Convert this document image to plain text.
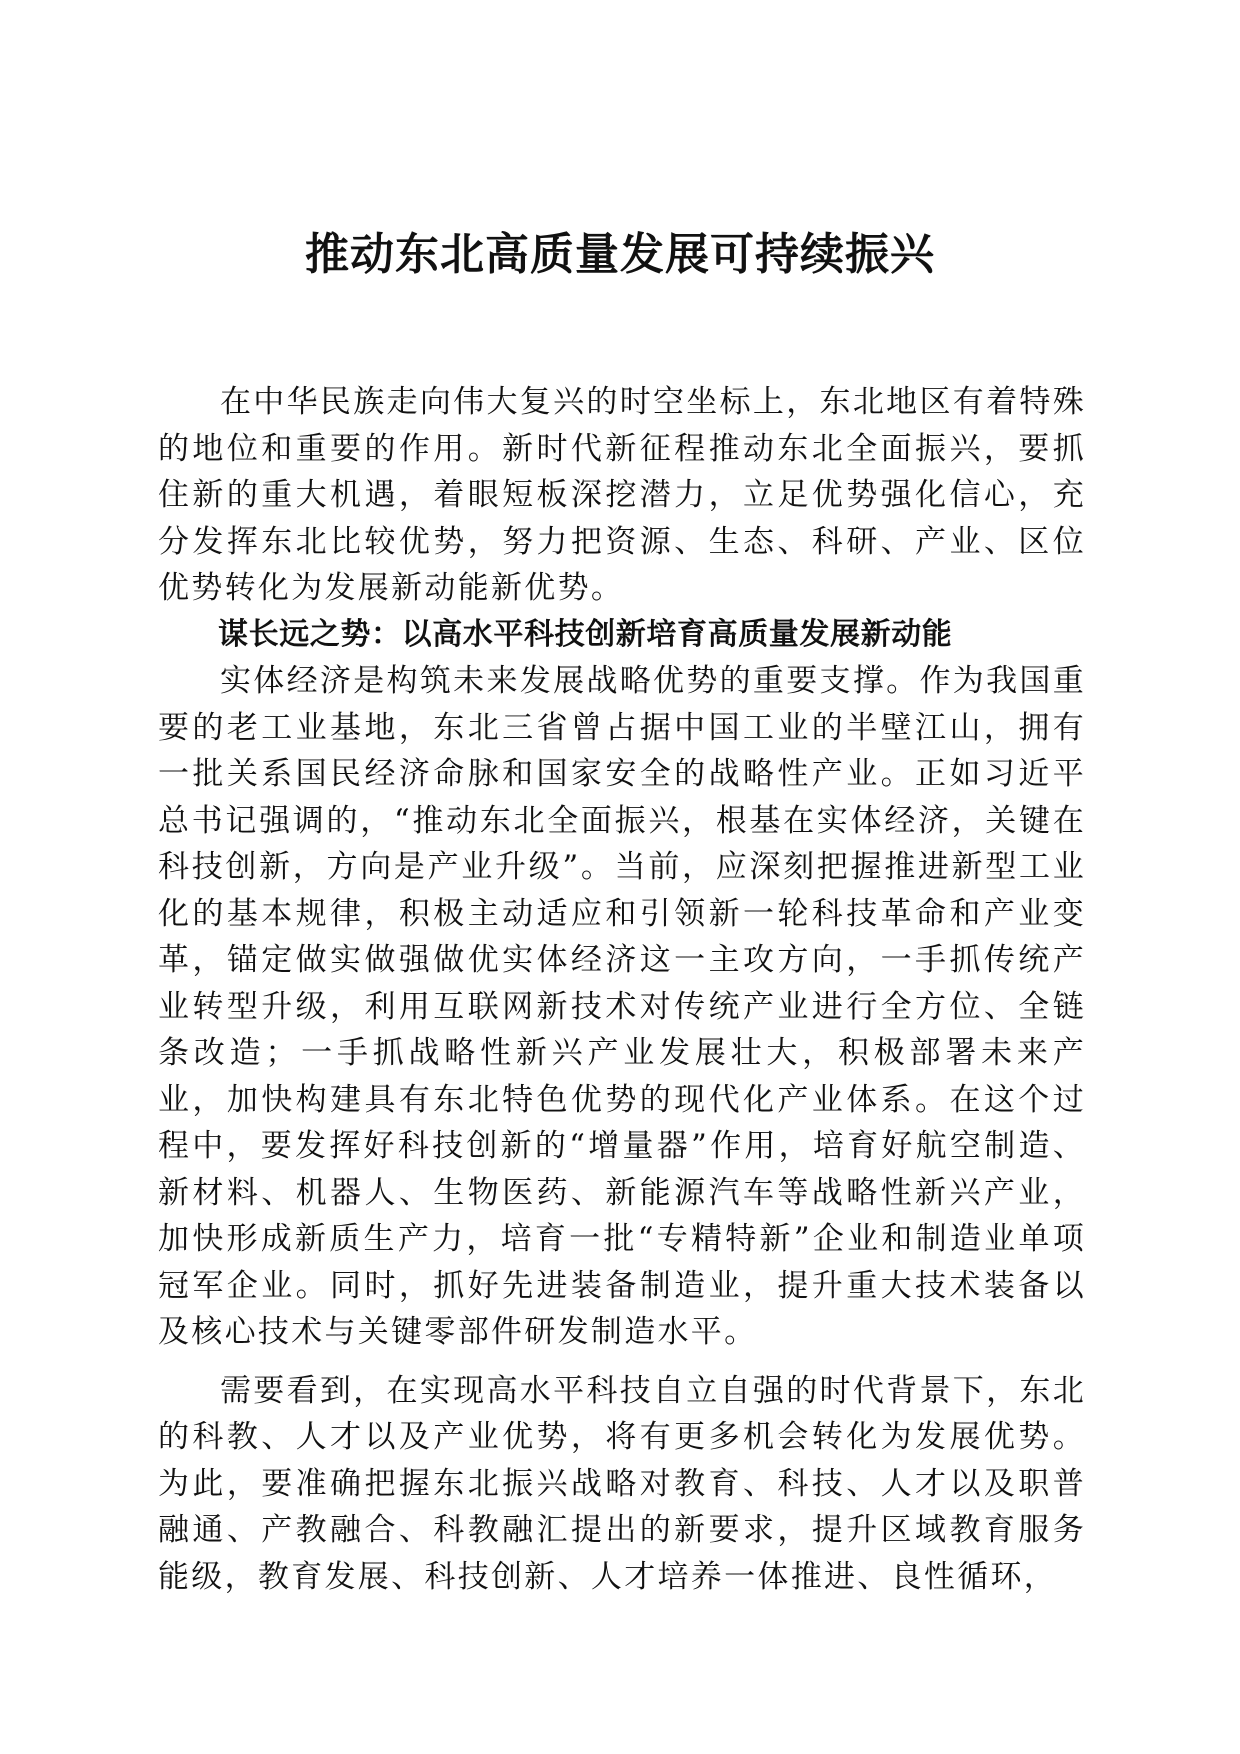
推动东北高质量发展可持续振兴

在中华民族走向伟大复兴的时空坐标上，东北地区有着特殊的地位和重要的作用。新时代新征程推动东北全面振兴，要抓住新的重大机遇，着眼短板深挖潜力，立足优势强化信心，充分发挥东北比较优势，努力把资源、生态、科研、产业、区位优势转化为发展新动能新优势。

谋长远之势：以高水平科技创新培育高质量发展新动能

实体经济是构筑未来发展战略优势的重要支撑。作为我国重要的老工业基地，东北三省曾占据中国工业的半壁江山，拥有一批关系国民经济命脉和国家安全的战略性产业。正如习近平总书记强调的，“推动东北全面振兴，根基在实体经济，关键在科技创新，方向是产业升级”。当前，应深刻把握推进新型工业化的基本规律，积极主动适应和引领新一轮科技革命和产业变革，锚定做实做强做优实体经济这一主攻方向，一手抓传统产业转型升级，利用互联网新技术对传统产业进行全方位、全链条改造；一手抓战略性新兴产业发展壮大，积极部署未来产业，加快构建具有东北特色优势的现代化产业体系。在这个过程中，要发挥好科技创新的“增量器”作用，培育好航空制造、新材料、机器人、生物医药、新能源汽车等战略性新兴产业，加快形成新质生产力，培育一批“专精特新”企业和制造业单项冠军企业。同时，抓好先进装备制造业，提升重大技术装备以及核心技术与关键零部件研发制造水平。

需要看到，在实现高水平科技自立自强的时代背景下，东北的科教、人才以及产业优势，将有更多机会转化为发展优势。为此，要准确把握东北振兴战略对教育、科技、人才以及职普融通、产教融合、科教融汇提出的新要求，提升区域教育服务能级，教育发展、科技创新、人才培养一体推进、良性循环，
